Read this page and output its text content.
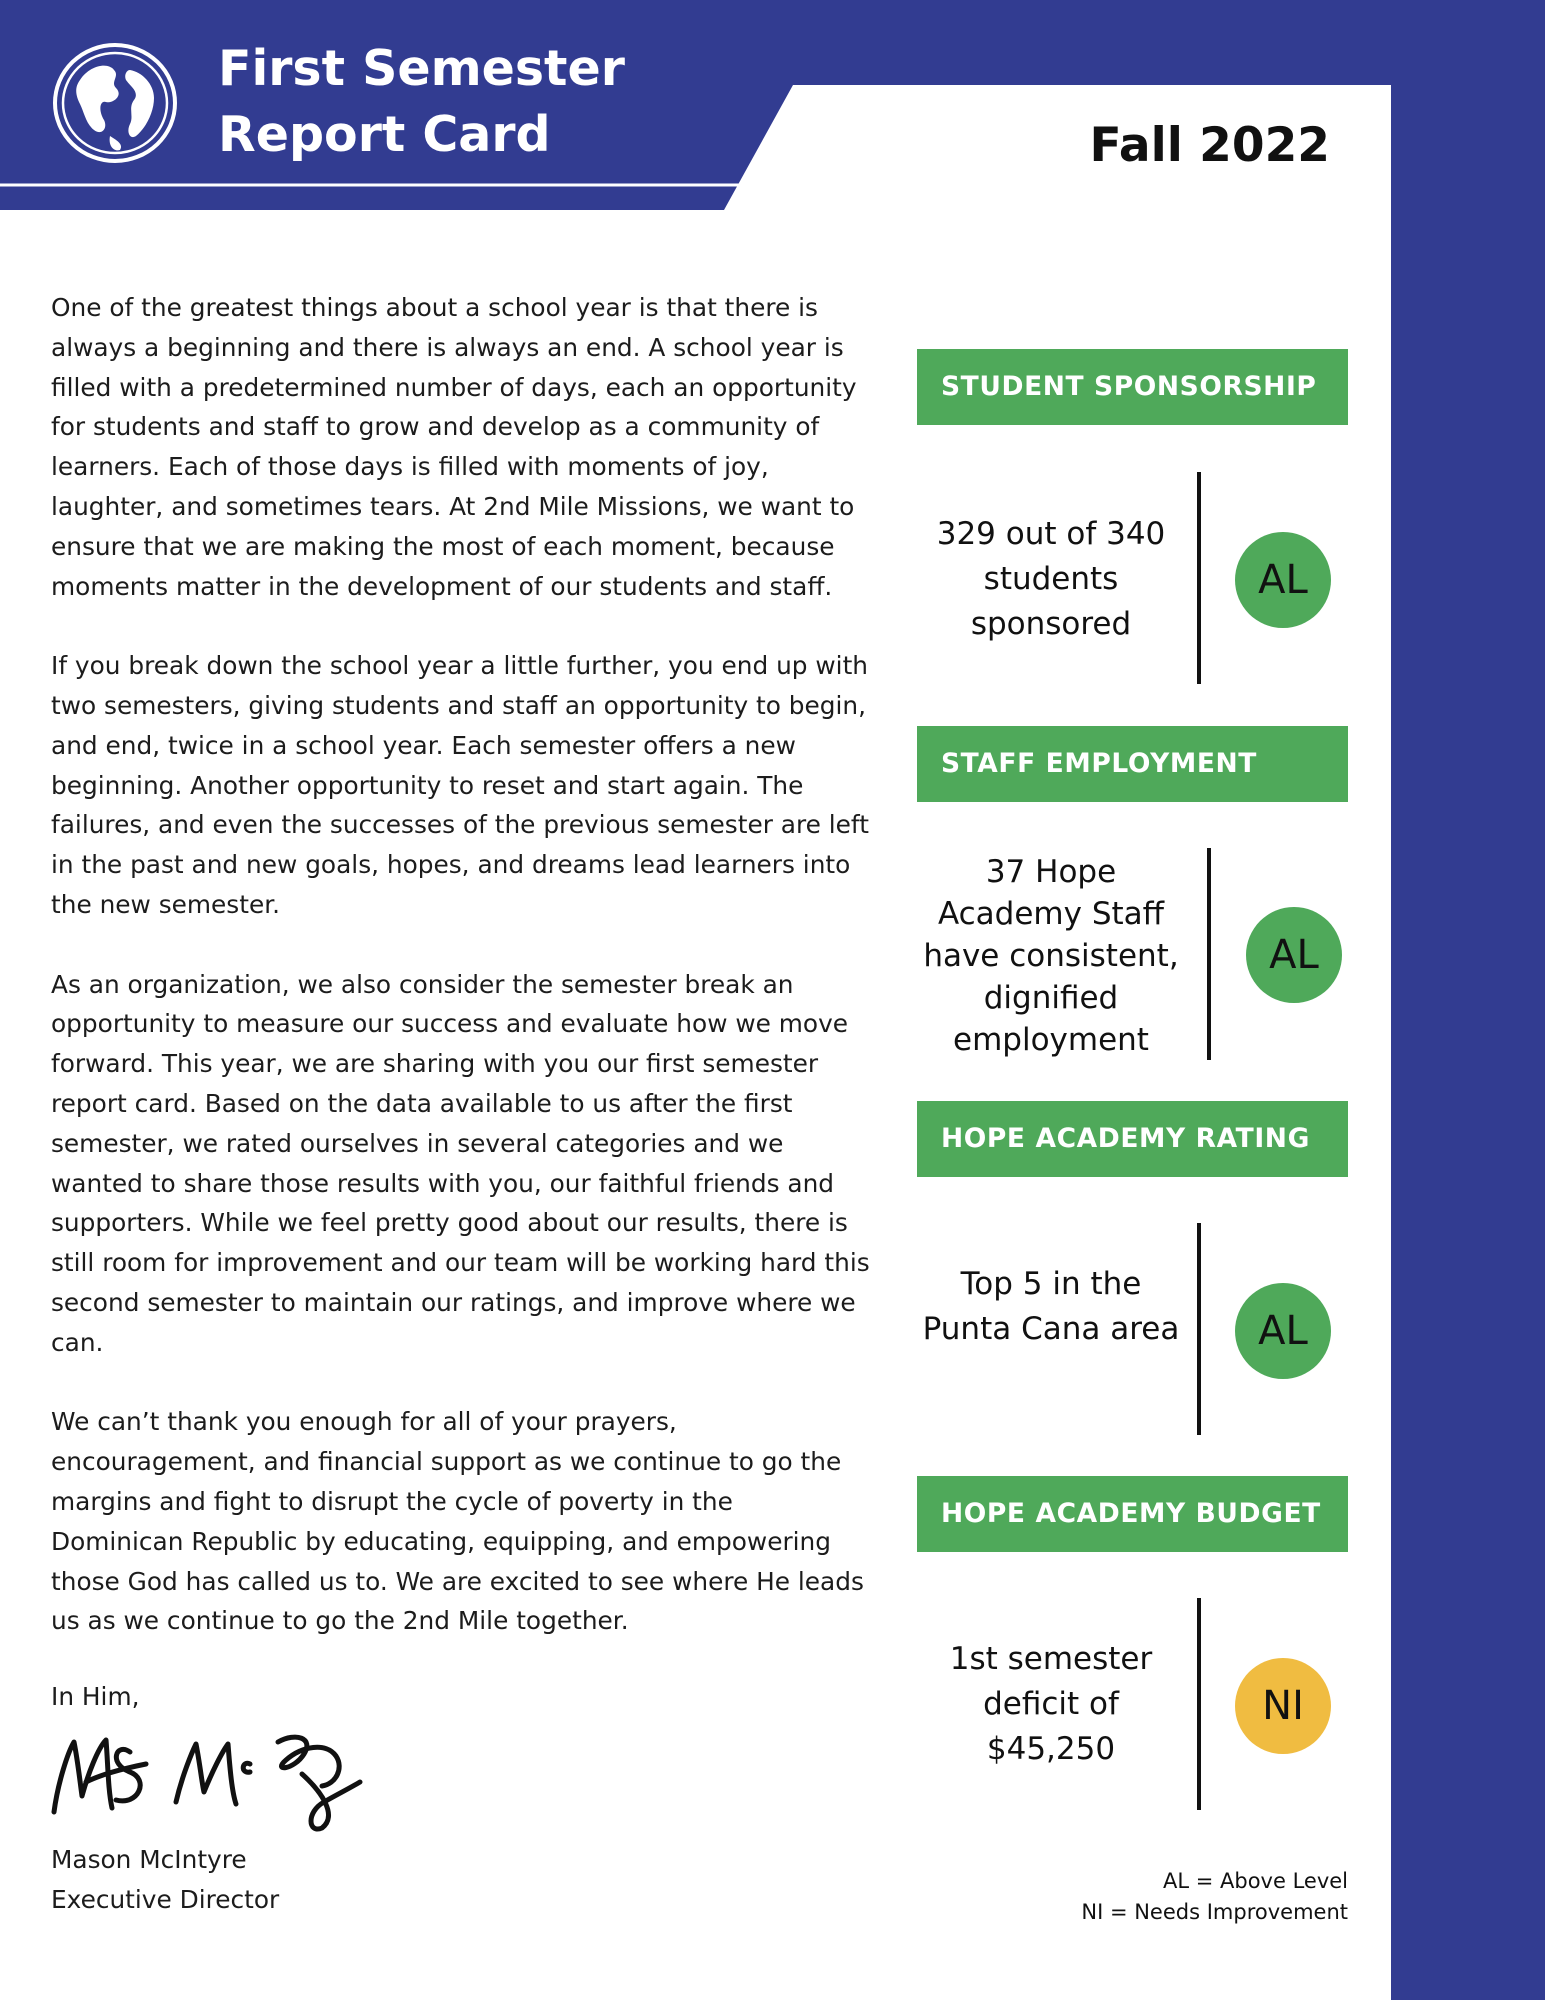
First Semester
Report Card	Fall 2022

One of the greatest things about a school year is that there is always a beginning and there is always an end. A school year is filled with a predetermined number of days, each an opportunity for students and staff to grow and develop as a community of learners. Each of those days is filled with moments of joy, laughter, and sometimes tears. At 2nd Mile Missions, we want to ensure that we are making the most of each moment, because moments matter in the development of our students and staff.

If you break down the school year a little further, you end up with two semesters, giving students and staff an opportunity to begin, and end, twice in a school year. Each semester offers a new beginning. Another opportunity to reset and start again. The failures, and even the successes of the previous semester are left in the past and new goals, hopes, and dreams lead learners into the new semester.

As an organization, we also consider the semester break an opportunity to measure our success and evaluate how we move forward. This year, we are sharing with you our first semester report card. Based on the data available to us after the first semester, we rated ourselves in several categories and we wanted to share those results with you, our faithful friends and supporters. While we feel pretty good about our results, there is still room for improvement and our team will be working hard this second semester to maintain our ratings, and improve where we can.

We can’t thank you enough for all of your prayers, encouragement, and financial support as we continue to go the margins and fight to disrupt the cycle of poverty in the Dominican Republic by educating, equipping, and empowering those God has called us to. We are excited to see where He leads us as we continue to go the 2nd Mile together.

In Him,
Mason McIntyre
Executive Director
STUDENT SPONSORSHIP
329 out of 340 students sponsored
AL
STAFF EMPLOYMENT
37 Hope Academy Staff have consistent, dignified employment
AL
HOPE ACADEMY RATING
Top 5 in the Punta Cana area	AL
HOPE ACADEMY BUDGET
1st semester deficit of $45,250
NI
AL = Above Level
NI = Needs Improvement
